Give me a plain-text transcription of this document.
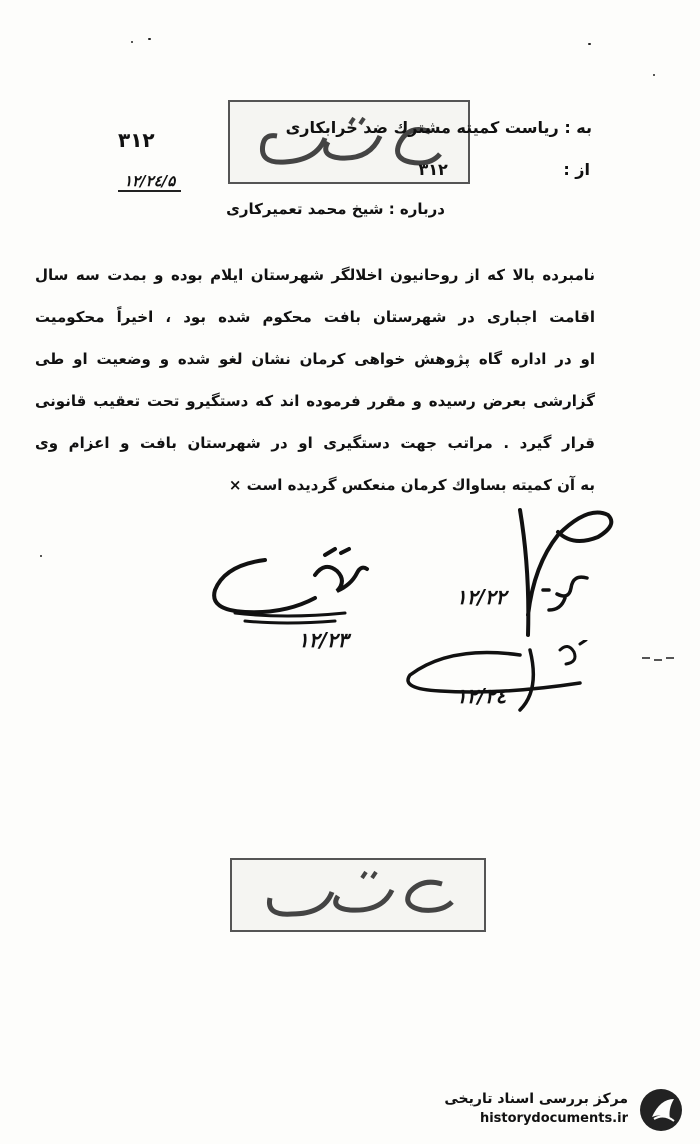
به : رياست كميته مشترك ضد خرابكارى
از : ٣١٢
٣١٢
١٢/٢٤/۵
درباره : شيخ محمد تعميركارى
نامبرده بالا كه از روحانيون اخلالگر شهرستان ايلام بوده و بمدت سه سال
اقامت اجبارى در شهرستان بافت محكوم شده بود ، اخيراً محكوميت
او در اداره گاه پژوهش خواهى كرمان نشان لغو شده و وضعيت او طى
گزارشى بعرض رسيده و مقرر فرموده اند كه دستگيرو تحت تعقيب قانونى
قرار گيرد . مراتب جهت دستگيرى او در شهرستان بافت و اعزام وى
به آن كميته بساواك كرمان منعكس گرديده است ×
١٢/٢٢
١٢/٢٣
١٢/٢٤
مركز بررسى اسناد تاريخى
historydocuments.ir
